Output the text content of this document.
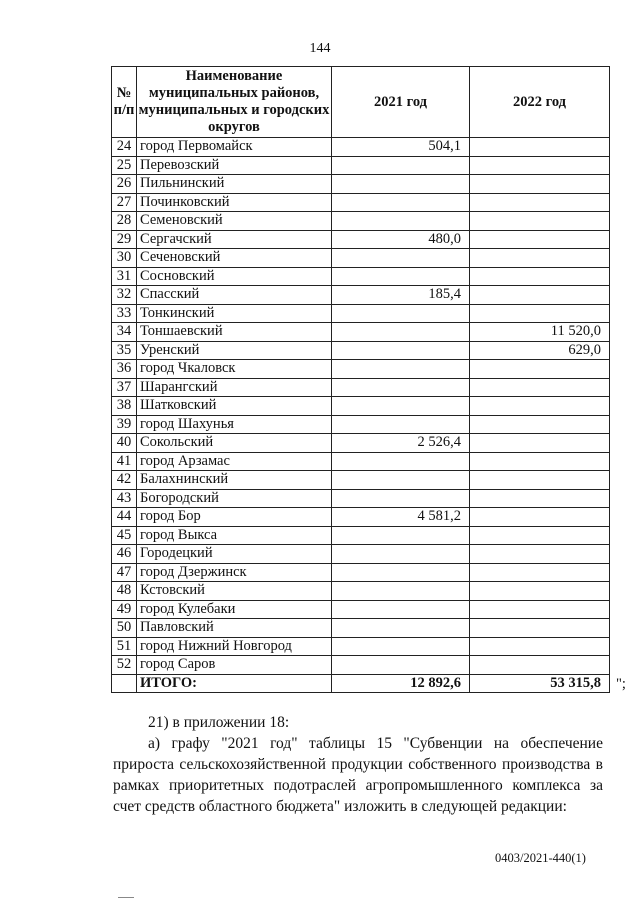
144
№ п/п	Наименование муниципальных районов, муниципальных и городских округов	2021 год	2022 год
24	город Первомайск	504,1	
25	Перевозский		
26	Пильнинский		
27	Починковский		
28	Семеновский		
29	Сергачский	480,0	
30	Сеченовский		
31	Сосновский		
32	Спасский	185,4	
33	Тонкинский		
34	Тоншаевский		11 520,0
35	Уренский		629,0
36	город Чкаловск		
37	Шарангский		
38	Шатковский		
39	город Шахунья		
40	Сокольский	2 526,4	
41	город Арзамас		
42	Балахнинский		
43	Богородский		
44	город Бор	4 581,2	
45	город Выкса		
46	Городецкий		
47	город Дзержинск		
48	Кстовский		
49	город Кулебаки		
50	Павловский		
51	город Нижний Новгород		
52	город Саров		
	ИТОГО:	12 892,6	53 315,8 ";
21) в приложении 18:
а) графу "2021 год" таблицы 15 "Субвенции на обеспечение прироста сельскохозяйственной продукции собственного производства в рамках приоритетных подотраслей агропромышленного комплекса за счет средств областного бюджета" изложить в следующей редакции:
0403/2021-440(1)
